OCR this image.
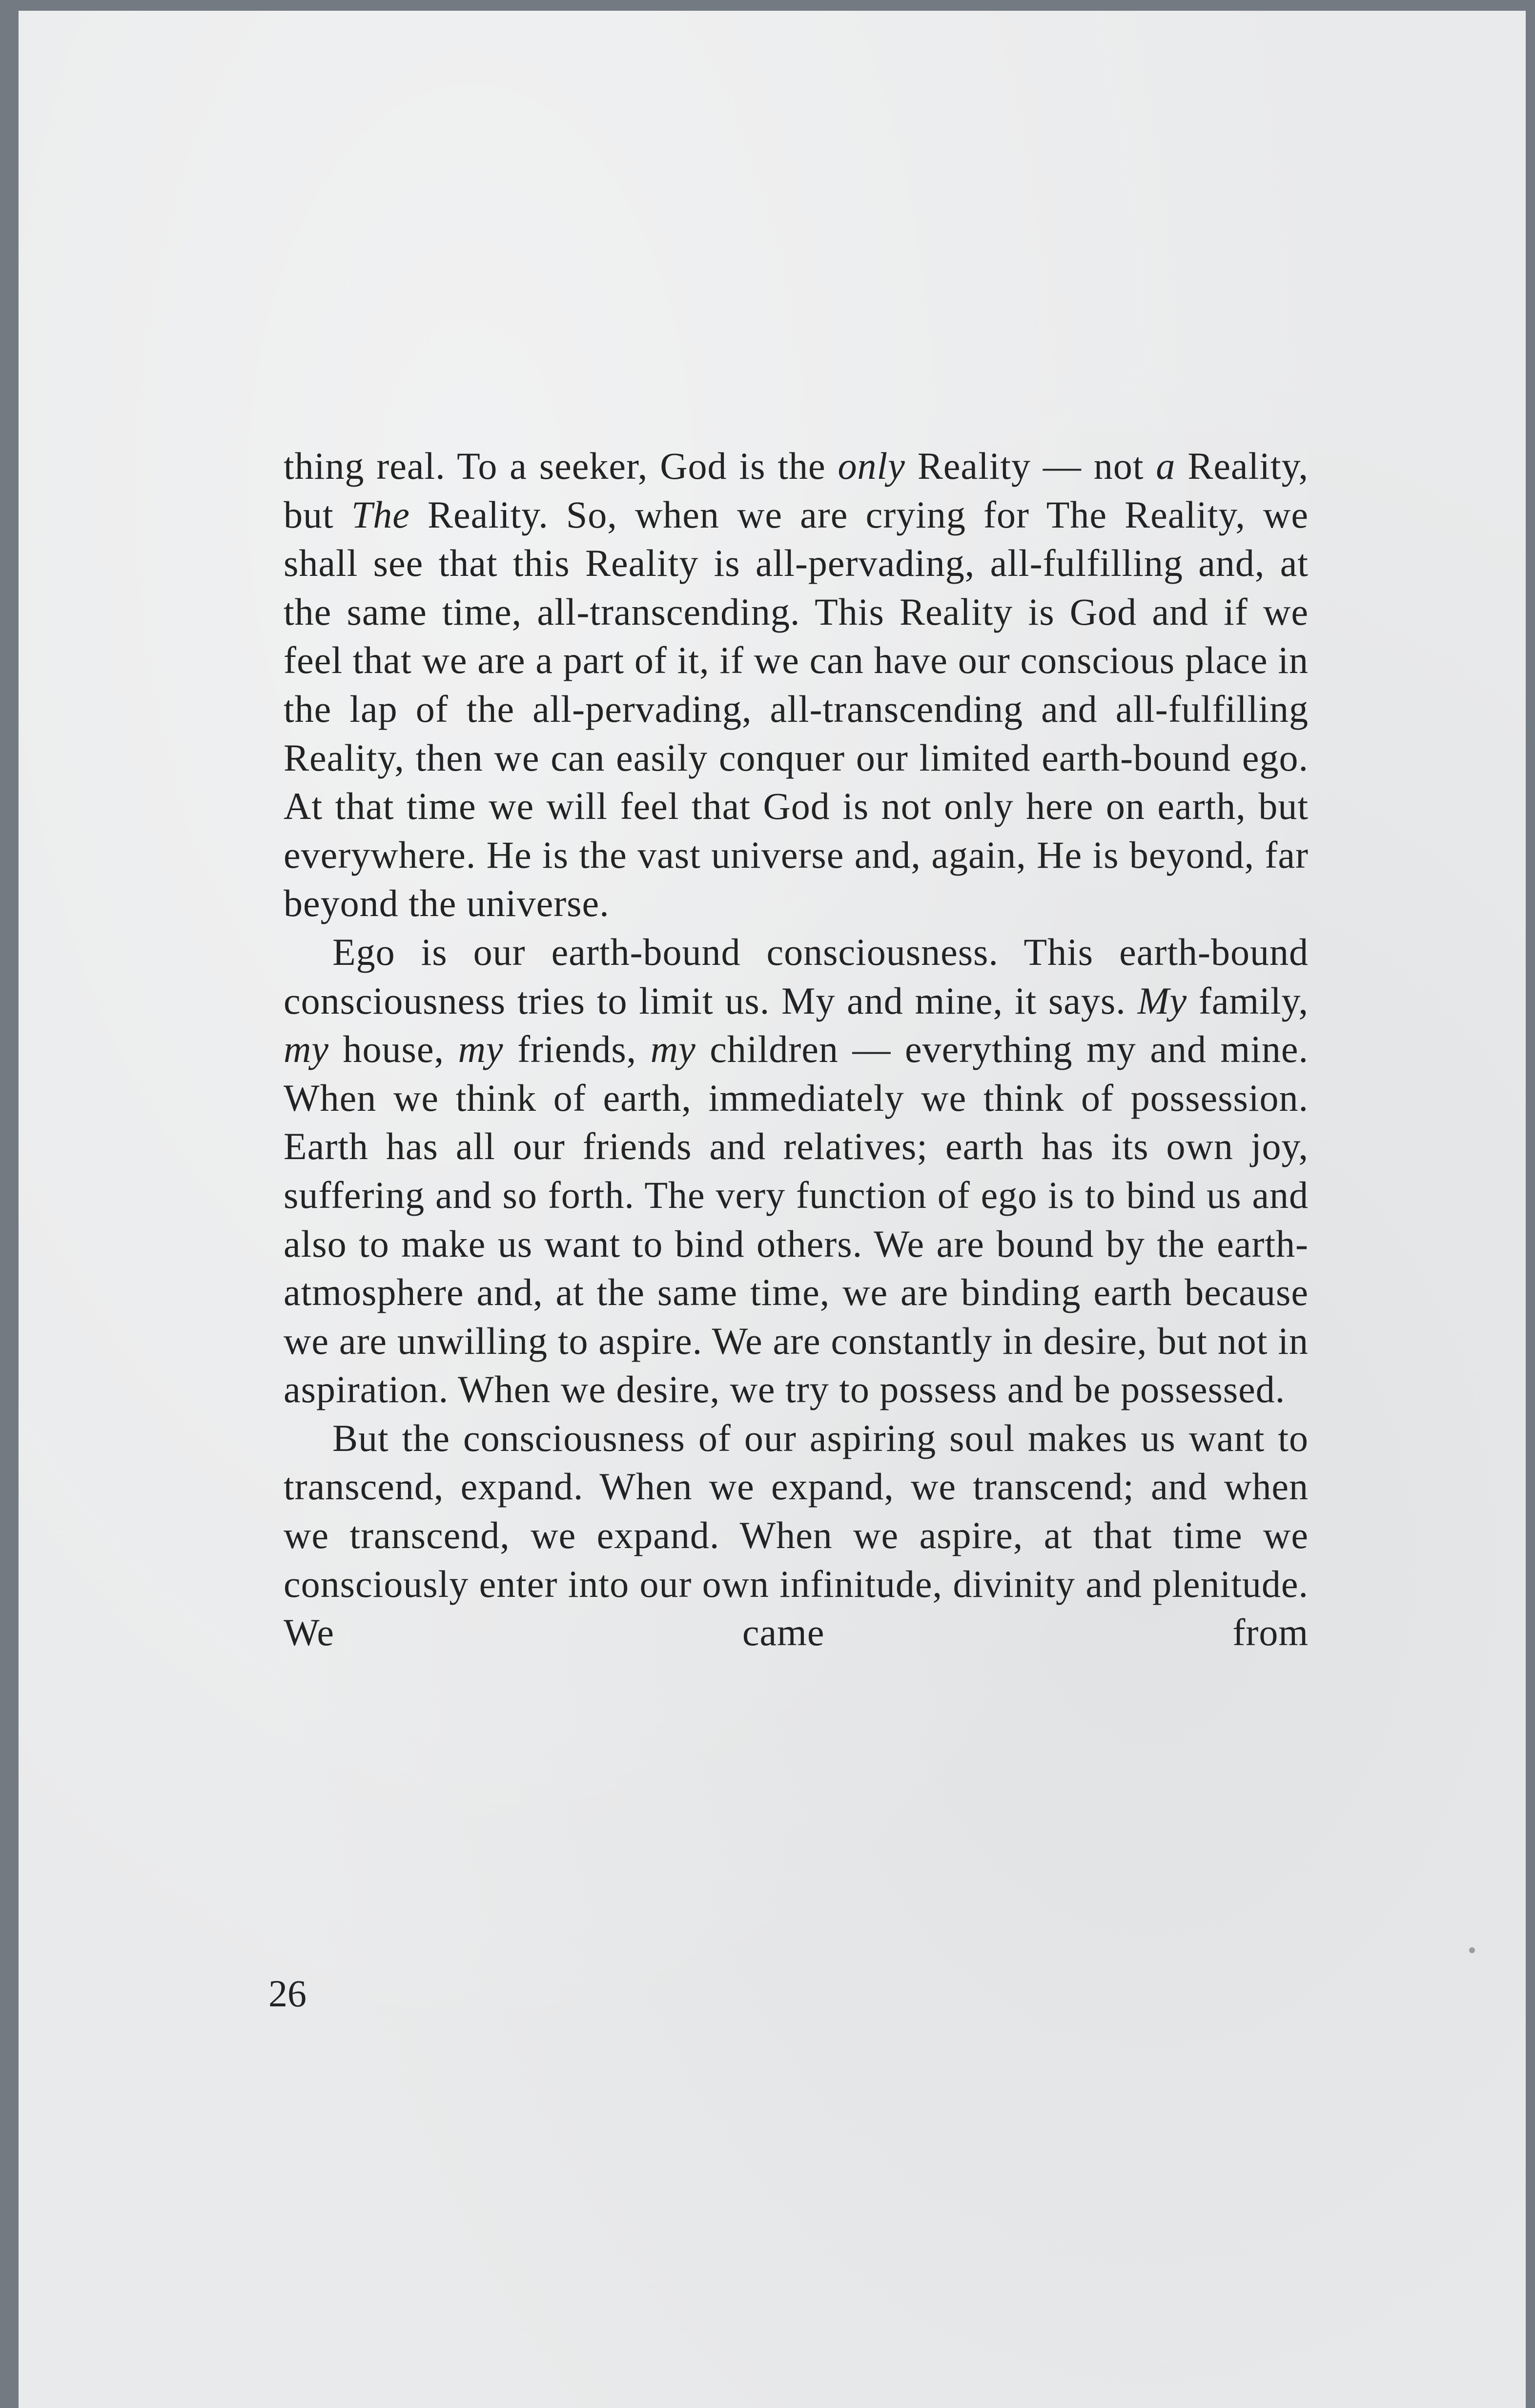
thing real. To a seeker, God is the only Reality — not a Reality, but The Reality. So, when we are crying for The Reality, we shall see that this Reality is all-pervading, all-fulfilling and, at the same time, all-transcending. This Reality is God and if we feel that we are a part of it, if we can have our conscious place in the lap of the all-pervading, all-transcending and all-fulfilling Reality, then we can easily conquer our limited earth-bound ego. At that time we will feel that God is not only here on earth, but everywhere. He is the vast universe and, again, He is beyond, far beyond the universe.

Ego is our earth-bound consciousness. This earth-bound consciousness tries to limit us. My and mine, it says. My family, my house, my friends, my children — everything my and mine. When we think of earth, immediately we think of possession. Earth has all our friends and relatives; earth has its own joy, suffering and so forth. The very function of ego is to bind us and also to make us want to bind others. We are bound by the earth-atmosphere and, at the same time, we are binding earth because we are unwilling to aspire. We are constantly in desire, but not in aspiration. When we desire, we try to possess and be possessed.

But the consciousness of our aspiring soul makes us want to transcend, expand. When we expand, we transcend; and when we transcend, we expand. When we aspire, at that time we consciously enter into our own infinitude, divinity and plenitude. We came from

26
